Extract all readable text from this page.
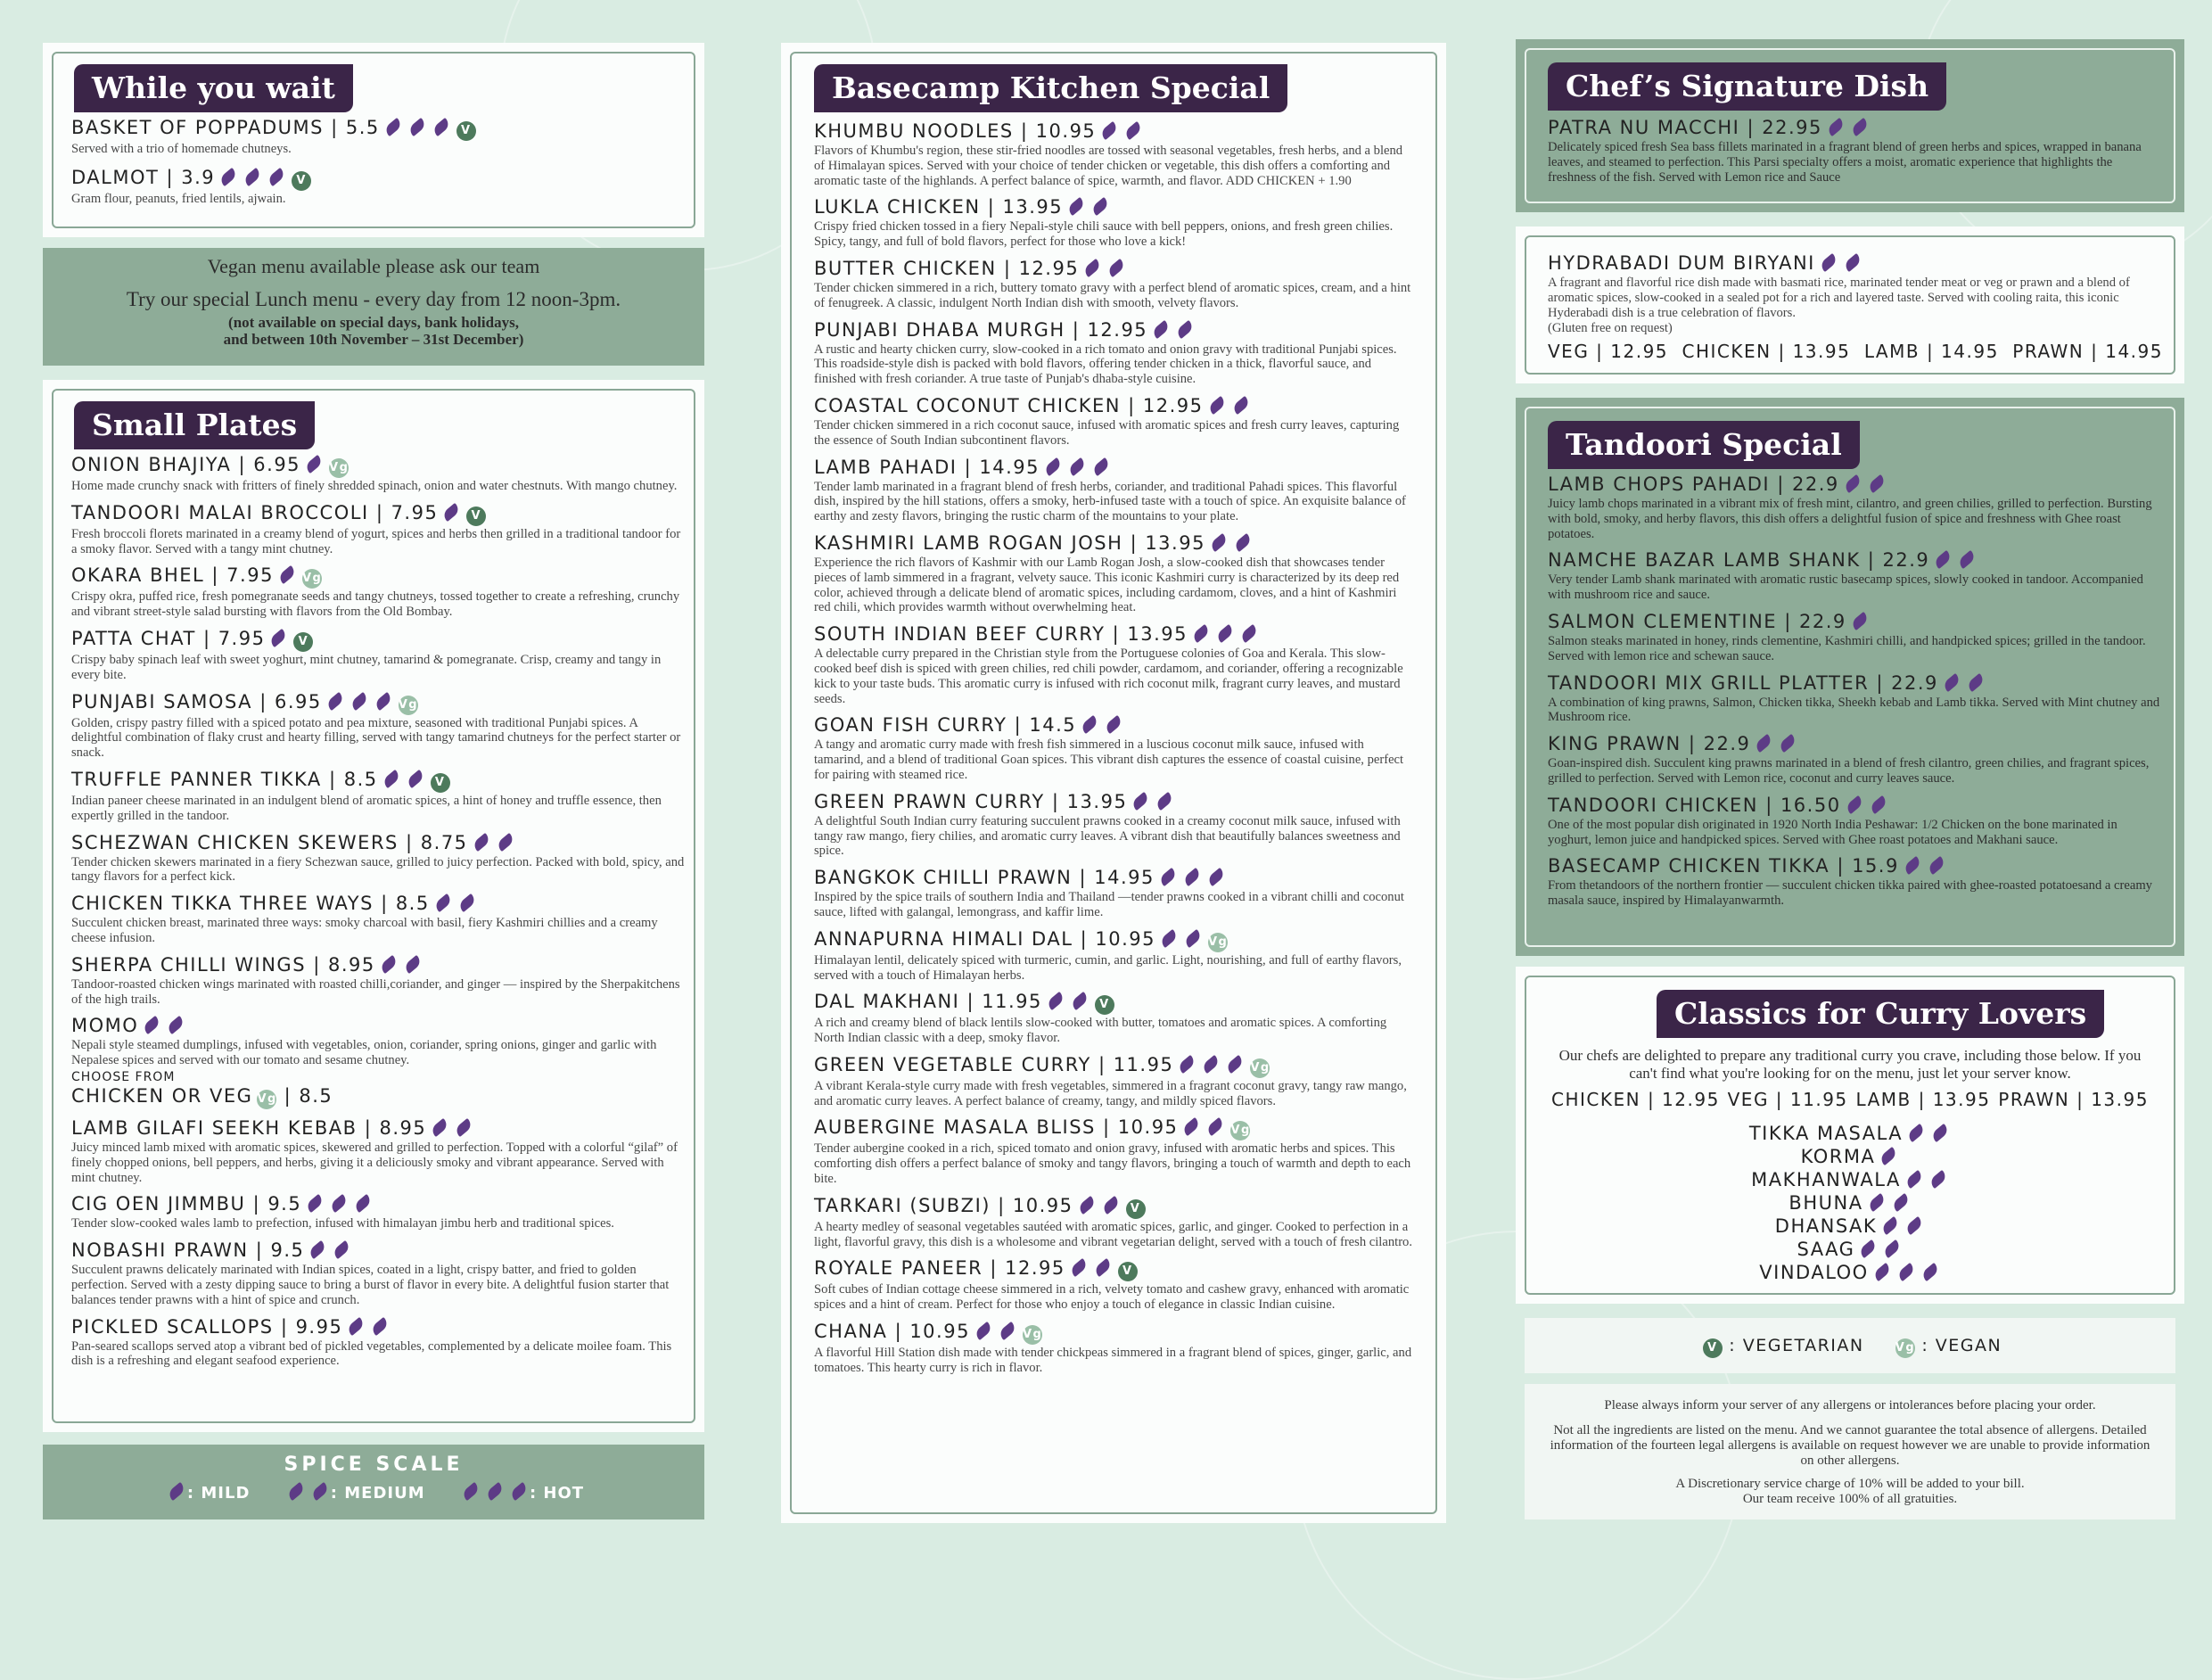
While you wait
BASKET OF POPPADUMS | 5.5	V
Served with a trio of homemade chutneys.
DALMOT | 3.9	V
Gram flour, peanuts, fried lentils, ajwain.
Vegan menu available please ask our team
Try our special Lunch menu - every day from 12 noon-3pm.
(not available on special days, bank holidays,
and between 10th November – 31st December)
Small Plates
ONION BHAJIYA | 6.95 Vg
Home made crunchy snack with fritters of finely shredded spinach, onion and water chestnuts. With mango chutney.
TANDOORI MALAI BROCCOLI | 7.95	V
Fresh broccoli florets marinated in a creamy blend of yogurt, spices and herbs then grilled in a traditional tandoor for a smoky flavor. Served with a tangy mint chutney.
OKARA BHEL | 7.95 Vg
Crispy okra, puffed rice, fresh pomegranate seeds and tangy chutneys, tossed together to create a refreshing, crunchy and vibrant street-style salad bursting with flavors from the Old Bombay.
PATTA CHAT | 7.95	V
Crispy baby spinach leaf with sweet yoghurt, mint chutney, tamarind & pomegranate. Crisp, creamy and tangy in every bite.
PUNJABI SAMOSA | 6.95	Vg
Golden, crispy pastry filled with a spiced potato and pea mixture, seasoned with traditional Punjabi spices. A delightful combination of flaky crust and hearty filling, served with tangy tamarind chutneys for the perfect starter or snack.
TRUFFLE PANNER TIKKA | 8.5	V
Indian paneer cheese marinated in an indulgent blend of aromatic spices, a hint of honey and truffle essence, then expertly grilled in the tandoor.
SCHEZWAN CHICKEN SKEWERS | 8.75
Tender chicken skewers marinated in a fiery Schezwan sauce, grilled to juicy perfection. Packed with bold, spicy, and tangy flavors for a perfect kick.
CHICKEN TIKKA THREE WAYS | 8.5
Succulent chicken breast, marinated three ways: smoky charcoal with basil, fiery Kashmiri chillies and a creamy cheese infusion.
SHERPA CHILLI WINGS | 8.95
Tandoor-roasted chicken wings marinated with roasted chilli,coriander, and ginger — inspired by the Sherpakitchens of the high trails.
MOMO
Nepali style steamed dumplings, infused with vegetables, onion, coriander, spring onions, ginger and garlic with Nepalese spices and served with our tomato and sesame chutney.
CHOOSE FROM
CHICKEN OR VEG Vg | 8.5
LAMB GILAFI SEEKH KEBAB | 8.95
Juicy minced lamb mixed with aromatic spices, skewered and grilled to perfection. Topped with a colorful “gilaf” of finely chopped onions, bell peppers, and herbs, giving it a deliciously smoky and vibrant appearance. Served with mint chutney.
CIG OEN JIMMBU | 9.5
Tender slow-cooked wales lamb to prefection, infused with himalayan jimbu herb and traditional spices.
NOBASHI PRAWN | 9.5
Succulent prawns delicately marinated with Indian spices, coated in a light, crispy batter, and fried to golden perfection. Served with a zesty dipping sauce to bring a burst of flavor in every bite. A delightful fusion starter that balances tender prawns with a hint of spice and crunch.
PICKLED SCALLOPS | 9.95
Pan-seared scallops served atop a vibrant bed of pickled vegetables, complemented by a delicate moilee foam. This dish is a refreshing and elegant seafood experience.
SPICE SCALE
: MILD	: MEDIUM	: HOT
Basecamp Kitchen Special
KHUMBU NOODLES | 10.95
Flavors of Khumbu's region, these stir-fried noodles are tossed with seasonal vegetables, fresh herbs, and a blend of Himalayan spices. Served with your choice of tender chicken or vegetable, this dish offers a comforting and aromatic taste of the highlands. A perfect balance of spice, warmth, and flavor. ADD CHICKEN + 1.90
LUKLA CHICKEN | 13.95
Crispy fried chicken tossed in a fiery Nepali-style chili sauce with bell peppers, onions, and fresh green chilies. Spicy, tangy, and full of bold flavors, perfect for those who love a kick!
BUTTER CHICKEN | 12.95
Tender chicken simmered in a rich, buttery tomato gravy with a perfect blend of aromatic spices, cream, and a hint of fenugreek. A classic, indulgent North Indian dish with smooth, velvety flavors.
PUNJABI DHABA MURGH | 12.95
A rustic and hearty chicken curry, slow-cooked in a rich tomato and onion gravy with traditional Punjabi spices. This roadside-style dish is packed with bold flavors, offering tender chicken in a thick, flavorful sauce, and finished with fresh coriander. A true taste of Punjab's dhaba-style cuisine.
COASTAL COCONUT CHICKEN | 12.95
Tender chicken simmered in a rich coconut sauce, infused with aromatic spices and fresh curry leaves, capturing the essence of South Indian subcontinent flavors.
LAMB PAHADI | 14.95
Tender lamb marinated in a fragrant blend of fresh herbs, coriander, and traditional Pahadi spices. This flavorful dish, inspired by the hill stations, offers a smoky, herb-infused taste with a touch of spice. An exquisite balance of earthy and zesty flavors, bringing the rustic charm of the mountains to your plate.
KASHMIRI LAMB ROGAN JOSH | 13.95
Experience the rich flavors of Kashmir with our Lamb Rogan Josh, a slow-cooked dish that showcases tender pieces of lamb simmered in a fragrant, velvety sauce. This iconic Kashmiri curry is characterized by its deep red color, achieved through a delicate blend of aromatic spices, including cardamom, cloves, and a hint of Kashmiri red chili, which provides warmth without overwhelming heat.
SOUTH INDIAN BEEF CURRY | 13.95
A delectable curry prepared in the Christian style from the Portuguese colonies of Goa and Kerala. This slow-cooked beef dish is spiced with green chilies, red chili powder, cardamom, and coriander, offering a recognizable kick to your taste buds. This aromatic curry is infused with rich coconut milk, fragrant curry leaves, and mustard seeds.
GOAN FISH CURRY | 14.5
A tangy and aromatic curry made with fresh fish simmered in a luscious coconut milk sauce, infused with tamarind, and a blend of traditional Goan spices. This vibrant dish captures the essence of coastal cuisine, perfect for pairing with steamed rice.
GREEN PRAWN CURRY | 13.95
A delightful South Indian curry featuring succulent prawns cooked in a creamy coconut milk sauce, infused with tangy raw mango, fiery chilies, and aromatic curry leaves. A vibrant dish that beautifully balances sweetness and spice.
BANGKOK CHILLI PRAWN | 14.95
Inspired by the spice trails of southern India and Thailand —tender prawns cooked in a vibrant chilli and coconut sauce, lifted with galangal, lemongrass, and kaffir lime.
ANNAPURNA HIMALI DAL | 10.95	Vg
Himalayan lentil, delicately spiced with turmeric, cumin, and garlic. Light, nourishing, and full of earthy flavors, served with a touch of Himalayan herbs.
DAL MAKHANI | 11.95	V
A rich and creamy blend of black lentils slow-cooked with butter, tomatoes and aromatic spices. A comforting North Indian classic with a deep, smoky flavor.
GREEN VEGETABLE CURRY | 11.95	Vg
A vibrant Kerala-style curry made with fresh vegetables, simmered in a fragrant coconut gravy, tangy raw mango, and aromatic curry leaves. A perfect balance of creamy, tangy, and mildly spiced flavors.
AUBERGINE MASALA BLISS | 10.95	Vg
Tender aubergine cooked in a rich, spiced tomato and onion gravy, infused with aromatic herbs and spices. This comforting dish offers a perfect balance of smoky and tangy flavors, bringing a touch of warmth and depth to each bite.
TARKARI (SUBZI) | 10.95	V
A hearty medley of seasonal vegetables sautéed with aromatic spices, garlic, and ginger. Cooked to perfection in a light, flavorful gravy, this dish is a wholesome and vibrant vegetarian delight, served with a touch of fresh cilantro.
ROYALE PANEER | 12.95	V
Soft cubes of Indian cottage cheese simmered in a rich, velvety tomato and cashew gravy, enhanced with aromatic spices and a hint of cream. Perfect for those who enjoy a touch of elegance in classic Indian cuisine.
CHANA | 10.95	Vg
A flavorful Hill Station dish made with tender chickpeas simmered in a fragrant blend of spices, ginger, garlic, and tomatoes. This hearty curry is rich in flavor.
Chef’s Signature Dish
PATRA NU MACCHI | 22.95
Delicately spiced fresh Sea bass fillets marinated in a fragrant blend of green herbs and spices, wrapped in banana leaves, and steamed to perfection. This Parsi specialty offers a moist, aromatic experience that highlights the freshness of the fish. Served with Lemon rice and Sauce
HYDRABADI DUM BIRYANI
A fragrant and flavorful rice dish made with basmati rice, marinated tender meat or veg or prawn and a blend of aromatic spices, slow-cooked in a sealed pot for a rich and layered taste. Served with cooling raita, this iconic Hyderabadi dish is a true celebration of flavors.
(Gluten free on request)
VEG | 12.95 CHICKEN | 13.95 LAMB | 14.95 PRAWN | 14.95
Tandoori Special
LAMB CHOPS PAHADI | 22.9
Juicy lamb chops marinated in a vibrant mix of fresh mint, cilantro, and green chilies, grilled to perfection. Bursting with bold, smoky, and herby flavors, this dish offers a delightful fusion of spice and freshness with Ghee roast potatoes.
NAMCHE BAZAR LAMB SHANK | 22.9
Very tender Lamb shank marinated with aromatic rustic basecamp spices, slowly cooked in tandoor. Accompanied with mushroom rice and sauce.
SALMON CLEMENTINE | 22.9
Salmon steaks marinated in honey, rinds clementine, Kashmiri chilli, and handpicked spices; grilled in the tandoor. Served with lemon rice and schewan sauce.
TANDOORI MIX GRILL PLATTER | 22.9
A combination of king prawns, Salmon, Chicken tikka, Sheekh kebab and Lamb tikka. Served with Mint chutney and Mushroom rice.
KING PRAWN | 22.9
Goan-inspired dish. Succulent king prawns marinated in a blend of fresh cilantro, green chilies, and fragrant spices, grilled to perfection. Served with Lemon rice, coconut and curry leaves sauce.
TANDOORI CHICKEN | 16.50
One of the most popular dish originated in 1920 North India Peshawar: 1/2 Chicken on the bone marinated in yoghurt, lemon juice and handpicked spices. Served with Ghee roast potatoes and Makhani sauce.
BASECAMP CHICKEN TIKKA | 15.9
From thetandoors of the northern frontier — succulent chicken tikka paired with ghee-roasted potatoesand a creamy masala sauce, inspired by Himalayanwarmth.
Classics for Curry Lovers
Our chefs are delighted to prepare any traditional curry you crave, including those below. If you can't find what you're looking for on the menu, just let your server know.
CHICKEN | 12.95 VEG | 11.95 LAMB | 13.95 PRAWN | 13.95
TIKKA MASALA
KORMA
MAKHANWALA
BHUNA
DHANSAK
SAAG
VINDALOO
V : VEGETARIAN	Vg : VEGAN
Please always inform your server of any allergens or intolerances before placing your order.
Not all the ingredients are listed on the menu. And we cannot guarantee the total absence of allergens. Detailed information of the fourteen legal allergens is available on request however we are unable to provide information on other allergens.
A Discretionary service charge of 10% will be added to your bill.
Our team receive 100% of all gratuities.
